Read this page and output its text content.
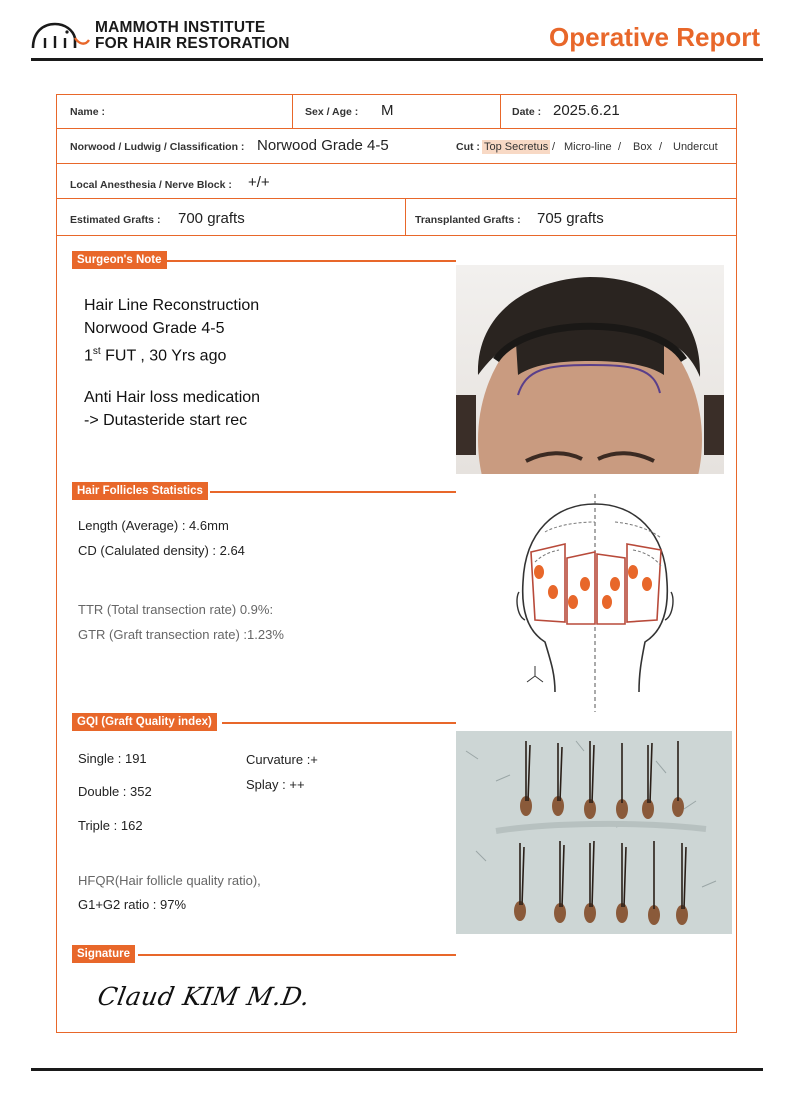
MAMMOTH INSTITUTE
FOR HAIR RESTORATION	Operative Report
Name :	Sex / Age : M	Date : 2025.6.21
Norwood / Ludwig / Classification : Norwood Grade 4-5	Cut : Top Secretus / Micro-line / Box / Undercut
Local Anesthesia / Nerve Block : +/+
Estimated Grafts : 700 grafts	Transplanted Grafts : 705 grafts
Surgeon's Note
Hair Line Reconstruction
Norwood Grade 4-5
1st FUT , 30 Yrs ago
Anti Hair loss medication
-> Dutasteride start rec
Hair Follicles Statistics
Length (Average) : 4.6mm
CD (Calulated density) : 2.64
TTR (Total transection rate) 0.9%:
GTR (Graft transection rate) :1.23%
GQI (Graft Quality index)
Single : 191
Double : 352
Triple : 162
Curvature :+
Splay : ++
HFQR(Hair follicle quality ratio),
G1+G2 ratio : 97%
Signature
Claud KIM M.D.
